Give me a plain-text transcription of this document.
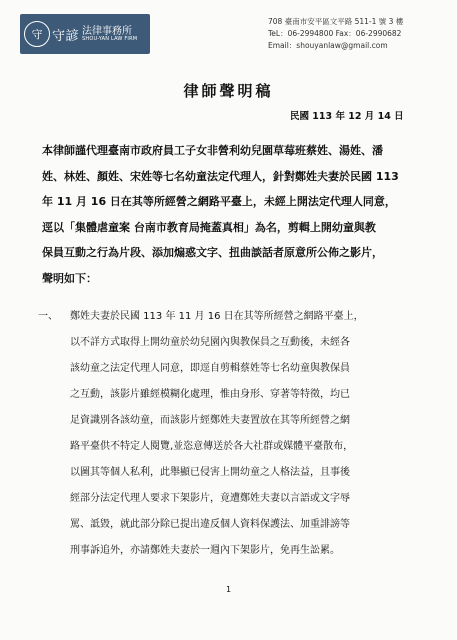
守 守諺 法律事務所
SHOU-YAN LAW FIRM
708 臺南市安平區文平路 511-1 號 3 樓
TeL：06-2994800 Fax：06-2990682
Email：shouyanlaw@gmail.com
律師聲明稿
民國 113 年 12 月 14 日
本律師謹代理臺南市政府員工子女非營利幼兒園草莓班蔡姓、湯姓、潘
姓、林姓、顏姓、宋姓等七名幼童法定代理人，針對鄭姓夫妻於民國 113
年 11 月 16 日在其等所經營之網路平臺上，未經上開法定代理人同意，
逕以「集體虐童案 台南市教育局掩蓋真相」為名，剪輯上開幼童與教
保員互動之行為片段、添加煽惑文字、扭曲談話者原意所公佈之影片，
聲明如下：
一、 鄭姓夫妻於民國 113 年 11 月 16 日在其等所經營之網路平臺上，
以不詳方式取得上開幼童於幼兒園內與教保員之互動後，未經各
該幼童之法定代理人同意，即逕自剪輯蔡姓等七名幼童與教保員
之互動，該影片雖經模糊化處理，惟由身形、穿著等特徵，均已
足資識別各該幼童，而該影片經鄭姓夫妻置放在其等所經營之網
路平臺供不特定人閱覽,並恣意傳送於各大社群或媒體平臺散布，
以圖其等個人私利，此舉顯已侵害上開幼童之人格法益，且事後
經部分法定代理人要求下架影片，竟遭鄭姓夫妻以言語或文字辱
罵、詆毀，就此部分除已提出違反個人資料保護法、加重誹謗等
刑事訴追外，亦請鄭姓夫妻於一週內下架影片，免再生訟累。
1
